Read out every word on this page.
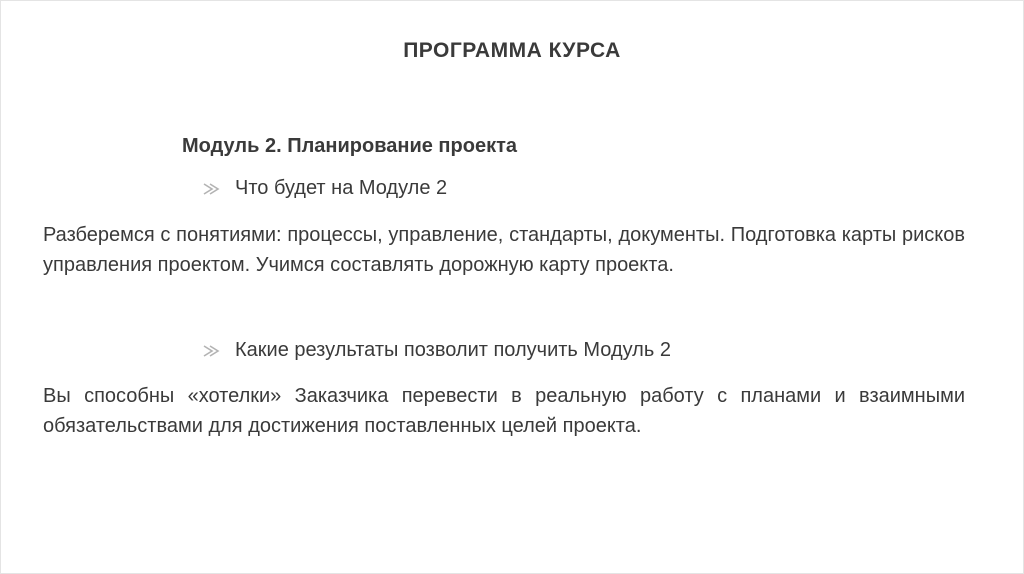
ПРОГРАММА КУРСА
Модуль 2. Планирование проекта
Что будет на Модуле 2
Разберемся с понятиями: процессы, управление, стандарты, документы. Подготовка карты рисков управления проектом. Учимся составлять дорожную карту проекта.
Какие результаты позволит получить Модуль 2
Вы способны «хотелки» Заказчика перевести в реальную работу с планами и взаимными обязательствами для достижения поставленных целей проекта.
